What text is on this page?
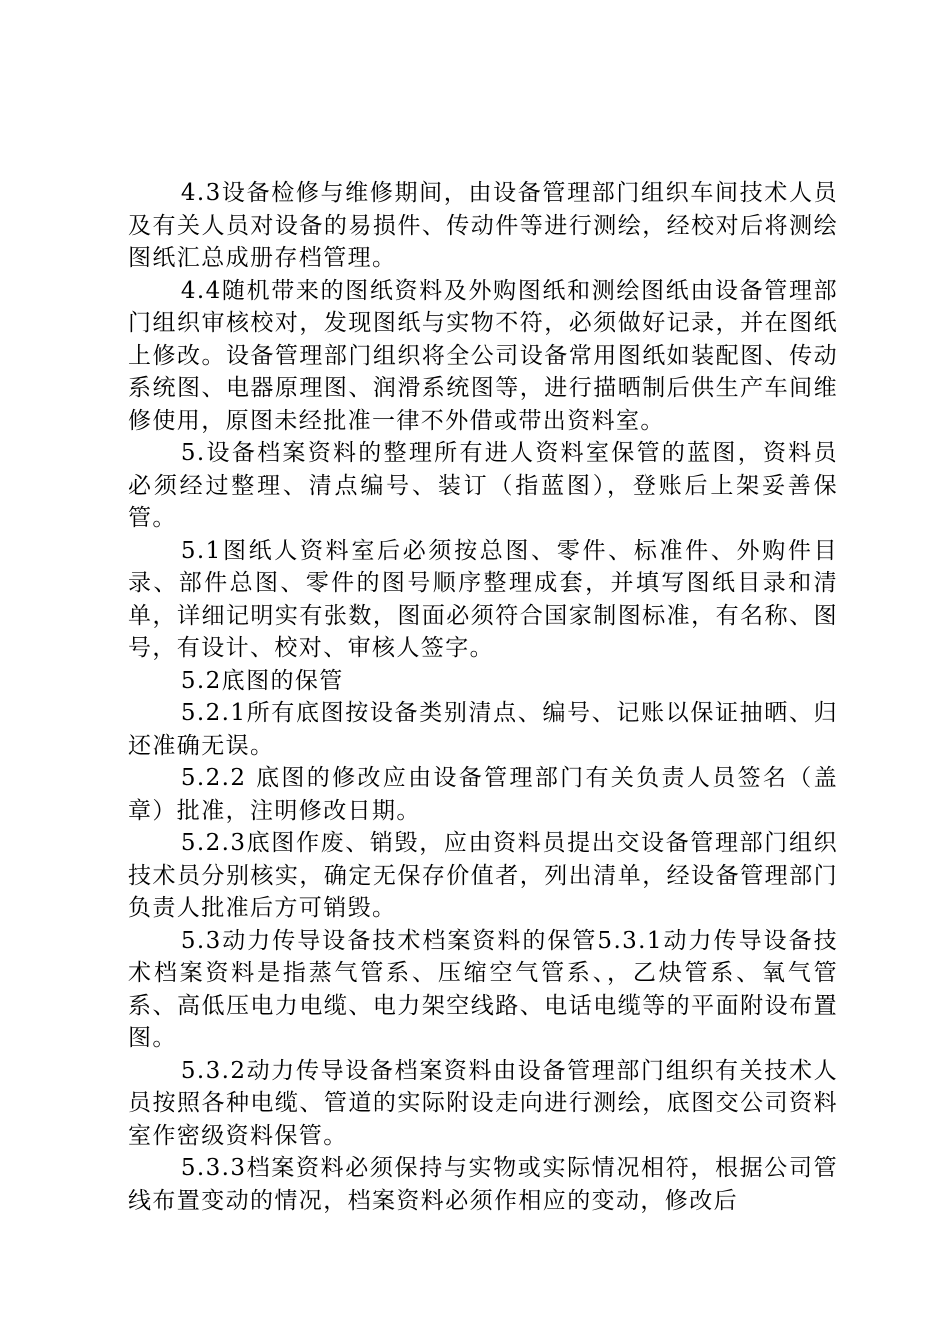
4.3设备检修与维修期间，由设备管理部门组织车间技术人员及有关人员对设备的易损件、传动件等进行测绘，经校对后将测绘图纸汇总成册存档管理。

4.4随机带来的图纸资料及外购图纸和测绘图纸由设备管理部门组织审核校对，发现图纸与实物不符，必须做好记录，并在图纸上修改。设备管理部门组织将全公司设备常用图纸如装配图、传动系统图、电器原理图、润滑系统图等，进行描晒制后供生产车间维修使用，原图未经批准一律不外借或带出资料室。

5.设备档案资料的整理所有进人资料室保管的蓝图，资料员必须经过整理、清点编号、装订（指蓝图），登账后上架妥善保管。

5.1图纸人资料室后必须按总图、零件、标准件、外购件目录、部件总图、零件的图号顺序整理成套，并填写图纸目录和清单，详细记明实有张数，图面必须符合国家制图标准，有名称、图号，有设计、校对、审核人签字。

5.2底图的保管

5.2.1所有底图按设备类别清点、编号、记账以保证抽晒、归还准确无误。

5.2.2 底图的修改应由设备管理部门有关负责人员签名（盖章）批准，注明修改日期。

5.2.3底图作废、销毁，应由资料员提出交设备管理部门组织技术员分别核实，确定无保存价值者，列出清单，经设备管理部门负责人批准后方可销毁。

5.3动力传导设备技术档案资料的保管5.3.1动力传导设备技术档案资料是指蒸气管系、压缩空气管系、，乙炔管系、氧气管系、高低压电力电缆、电力架空线路、电话电缆等的平面附设布置图。

5.3.2动力传导设备档案资料由设备管理部门组织有关技术人员按照各种电缆、管道的实际附设走向进行测绘，底图交公司资料室作密级资料保管。

5.3.3档案资料必须保持与实物或实际情况相符，根据公司管线布置变动的情况，档案资料必须作相应的变动，修改后
